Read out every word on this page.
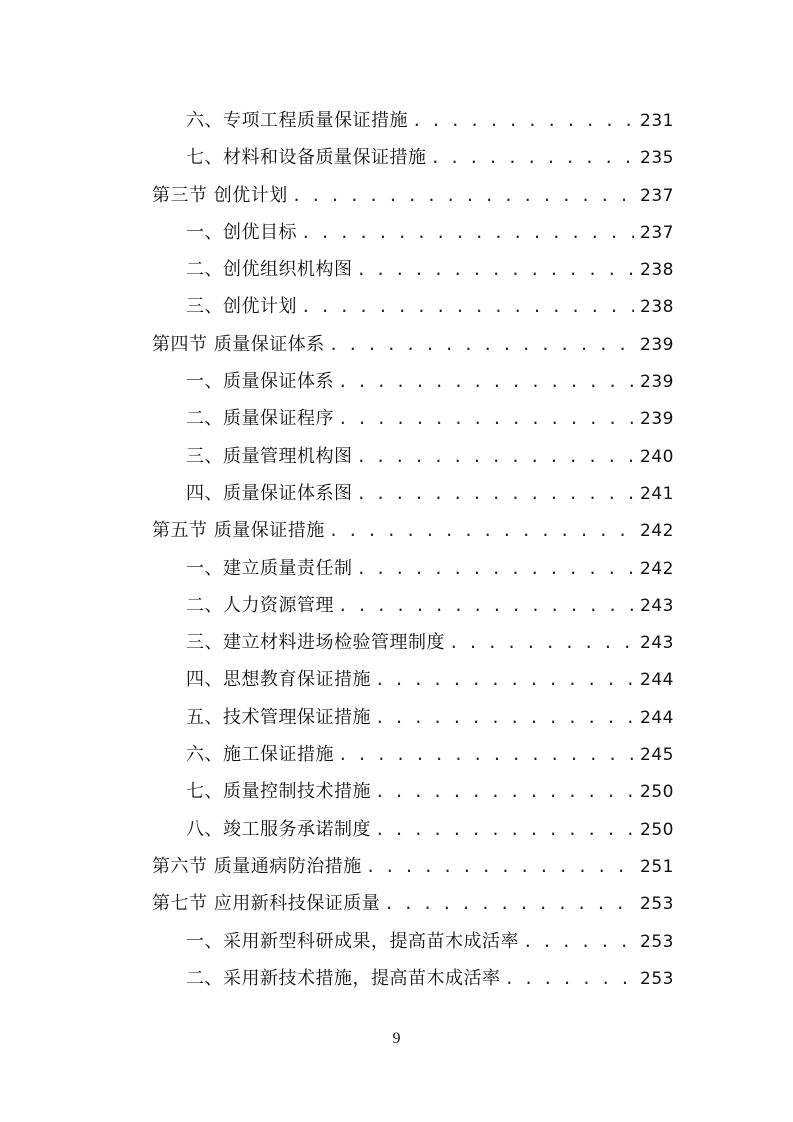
六、专项工程质量保证措施 . . .	231
七、材料和设备质量保证措施 . . .	235
第三节 创优计划 . . .	237
一、创优目标 . . .	237
二、创优组织机构图 . . .	238
三、创优计划 . . .	238
第四节 质量保证体系 . . .	239
一、质量保证体系 . . .	239
二、质量保证程序 . . .	239
三、质量管理机构图 . . .	240
四、质量保证体系图 . . .	241
第五节 质量保证措施 . . .	242
一、建立质量责任制 . . .	242
二、人力资源管理 . . .	243
三、建立材料进场检验管理制度 . . .	243
四、思想教育保证措施 . . .	244
五、技术管理保证措施 . . .	244
六、施工保证措施 . . .	245
七、质量控制技术措施 . . .	250
八、竣工服务承诺制度 . . .	250
第六节 质量通病防治措施 . . .	251
第七节 应用新科技保证质量 . . .	253
一、采用新型科研成果，提高苗木成活率 . . .	253
二、采用新技术措施，提高苗木成活率 . . .	253
9
